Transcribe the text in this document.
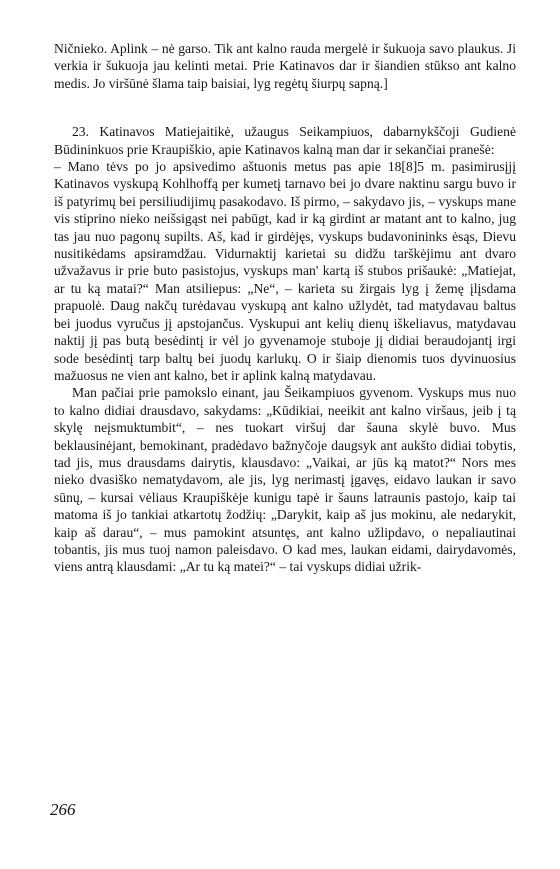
Ničnieko. Aplink – nė garso. Tik ant kalno rauda mergelė ir šukuoja savo plaukus. Ji verkia ir šukuoja jau kelinti metai. Prie Katinavos dar ir šiandien stūkso ant kalno medis. Jo viršūnė šlama taip baisiai, lyg regėtų šiurpų sapną.]

23. Katinavos Matiejaitikė, užaugus Seikampiuos, dabarnykščoji Gudienė Būdininkuos prie Kraupiškio, apie Katinavos kalną man dar ir sekančiai pranešė:

– Mano tėvs po jo apsivedimo aštuonis metus pas apie 18[8]5 m. pasimirusįjį Katinavos vyskupą Kohlhoffą per kumetį tarnavo bei jo dvare naktinu sargu buvo ir iš patyrimų bei persiliudijimų pasakodavo. Iš pirmo, – sakydavo jis, – vyskups mane vis stiprino nieko neišsigąst nei pabūgt, kad ir ką girdint ar matant ant to kalno, jug tas jau nuo pagonų supilts. Aš, kad ir girdėjęs, vyskups budavonininks ėsąs, Dievu nusitikėdams apsiramdžau. Vidurnaktij karietai su didžu tarškėjimu ant dvaro užvažavus ir prie buto pasistojus, vyskups man' kartą iš stubos prišaukė: „Matiejat, ar tu ką matai?“ Man atsiliepus: „Ne“, – karieta su žirgais lyg į žemę įlįsdama prapuolė. Daug nakčų turėdavau vyskupą ant kalno užlydėt, tad matydavau baltus bei juodus vyručus jį apstojančus. Vyskupui ant kelių dienų iškeliavus, matydavau naktij jį pas butą besėdintį ir vėl jo gyvenamoje stuboje jį didiai beraudojantį irgi sode besėdintį tarp baltų bei juodų karlukų. O ir šiaip dienomis tuos dyvinuosius mažuosus ne vien ant kalno, bet ir aplink kalną matydavau.

Man pačiai prie pamokslo einant, jau Šeikampiuos gyvenom. Vyskups mus nuo to kalno didiai drausdavo, sakydams: „Kūdikiai, neeikit ant kalno viršaus, jeib į tą skylę neįsmuktumbit“, – nes tuokart viršuj dar šauna skylė buvo. Mus beklausinėjant, bemokinant, pradėdavo bažnyčoje daugsyk ant aukšto didiai tobytis, tad jis, mus drausdams dairytis, klausdavo: „Vaikai, ar jūs ką matot?“ Nors mes nieko dvasiško nematydavom, ale jis, lyg nerimastį įgavęs, eidavo laukan ir savo sūnų, – kursai vėliaus Kraupiškėje kunigu tapė ir šauns latraunis pastojo, kaip tai matoma iš jo tankiai atkartotų žodžių: „Darykit, kaip aš jus mokinu, ale nedarykit, kaip aš darau“, – mus pamokint atsuntęs, ant kalno užlipdavo, o nepaliautinai tobantis, jis mus tuoj namon paleisdavo. O kad mes, laukan eidami, dairydavomės, viens antrą klausdami: „Ar tu ką matei?“ – tai vyskups didiai užrik-

266
